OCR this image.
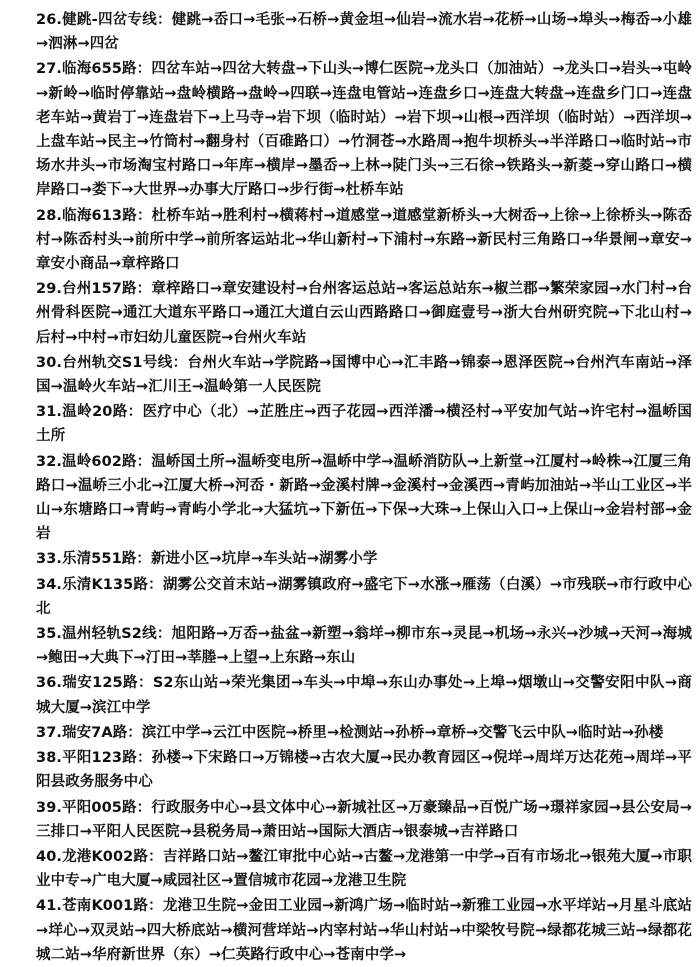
26.健跳-四岔专线：健跳→岙口→毛张→石桥→黄金坦→仙岩→流水岩→花桥→山场→埠头→梅岙→小雄→泗淋→四岔
27.临海655路：四岔车站→四岔大转盘→下山头→博仁医院→龙头口（加油站）→龙头口→岩头→屯岭→新岭→临时停靠站→盘岭横路→盘岭→四联→连盘电管站→连盘乡口→连盘大转盘→连盘乡门口→连盘老车站→黄岩丁→连盘岩下→上马寺→岩下坝（临时站）→岩下坝→山根→西洋坝（临时站）→西洋坝→上盘车站→民主→竹筒村→翻身村（百碓路口）→竹洞苍→水路周→抱牛坝桥头→半洋路口→临时站→市场水井头→市场淘宝村路口→年库→横岸→墨岙→上林→陡门头→三石徐→铁路头→新菱→穿山路口→横岸路口→娄下→大世界→办事大厅路口→步行街→杜桥车站
28.临海613路：杜桥车站→胜利村→横蒋村→道感堂→道感堂新桥头→大树岙→上徐→上徐桥头→陈岙村→陈岙村头→前所中学→前所客运站北→华山新村→下浦村→东路→新民村三角路口→华景闸→章安→章安小商品→章梓路口
29.台州157路：章梓路口→章安建设村→台州客运总站→客运总站东→椒兰郡→繁荣家园→水门村→台州骨科医院→通江大道东平路口→通江大道白云山西路路口→御庭壹号→浙大台州研究院→下北山村→后村→中村→市妇幼儿童医院→台州火车站
30.台州轨交S1号线：台州火车站→学院路→国博中心→汇丰路→锦泰→恩泽医院→台州汽车南站→泽国→温岭火车站→汇川王→温岭第一人民医院
31.温岭20路：医疗中心（北）→芷胜庄→西子花园→西洋潘→横泾村→平安加气站→许宅村→温峤国土所
32.温岭602路：温峤国土所→温峤变电所→温峤中学→温峤消防队→上新堂→江厦村→岭株→江厦三角路口→温峤三小北→江厦大桥→河岙・新路→金溪村牌→金溪村→金溪西→青屿加油站→半山工业区→半山→东塘路口→青屿→青屿小学北→大猛坑→下新伍→下保→大珠→上保山入口→上保山→金岩村部→金岩
33.乐清551路：新进小区→坑岸→车头站→湖雾小学
34.乐清K135路：湖雾公交首末站→湖雾镇政府→盛宅下→水涨→雁荡（白溪）→市残联→市行政中心北
35.温州轻轨S2线：旭阳路→万岙→盐盆→新塑→翁垟→柳市东→灵昆→机场→永兴→沙城→天河→海城→鲍田→大典下→汀田→莘塍→上望→上东路→东山
36.瑞安125路：S2东山站→荣光集团→车头→中埠→东山办事处→上埠→烟墩山→交警安阳中队→商城大厦→滨江中学
37.瑞安7A路：滨江中学→云江中医院→桥里→检测站→孙桥→章桥→交警飞云中队→临时站→孙楼
38.平阳123路：孙楼→下宋路口→万锦楼→古农大厦→民办教育园区→倪垟→周垟万达花苑→周垟→平阳县政务服务中心
39.平阳005路：行政服务中心→县文体中心→新城社区→万豪臻品→百悦广场→璟祥家园→县公安局→三排口→平阳人民医院→县税务局→萧田站→国际大酒店→银泰城→吉祥路口
40.龙港K002路：吉祥路口站→鳌江审批中心站→古鳌→龙港第一中学→百有市场北→银苑大厦→市职业中专→广电大厦→咸园社区→置信城市花园→龙港卫生院
41.苍南K001路：龙港卫生院→金田工业园→新鸿广场→临时站→新雅工业园→水平垟站→月星斗底站→垟心→双灵站→四大桥底站→横河营垟站→内宰村站→华山村站→中梁牧号院→绿都花城三站→绿都花城二站→华府新世界（东）→仁英路行政中心→苍南中学→
